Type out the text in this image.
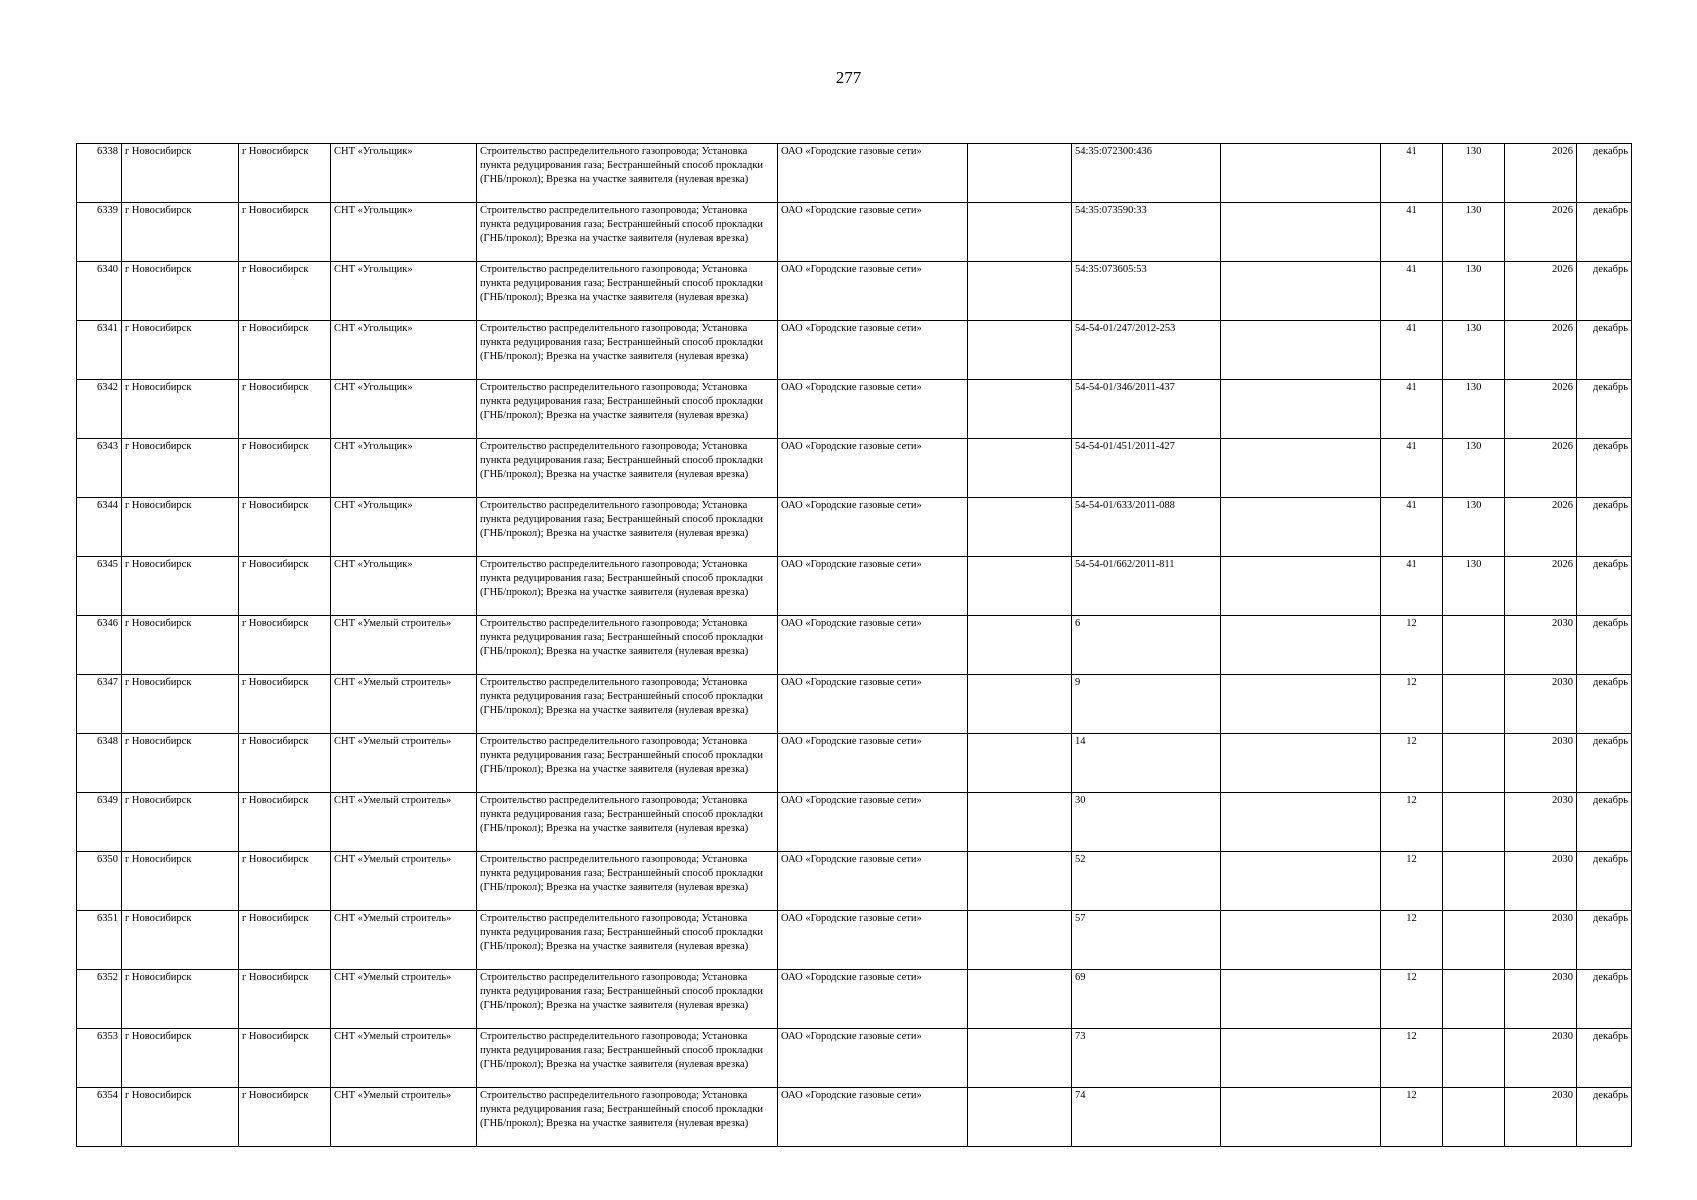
277
6338	г Новосибирск	г Новосибирск	СНТ «Угольщик»	Строительство распределительного газопровода; Установка пункта редуцирования газа; Бестраншейный способ прокладки (ГНБ/прокол); Врезка на участке заявителя (нулевая врезка)	ОАО «Городские газовые сети»		54:35:072300:436		41	130	2026	декабрь
6339	г Новосибирск	г Новосибирск	СНТ «Угольщик»	Строительство распределительного газопровода; Установка пункта редуцирования газа; Бестраншейный способ прокладки (ГНБ/прокол); Врезка на участке заявителя (нулевая врезка)	ОАО «Городские газовые сети»		54:35:073590:33		41	130	2026	декабрь
6340	г Новосибирск	г Новосибирск	СНТ «Угольщик»	Строительство распределительного газопровода; Установка пункта редуцирования газа; Бестраншейный способ прокладки (ГНБ/прокол); Врезка на участке заявителя (нулевая врезка)	ОАО «Городские газовые сети»		54:35:073605:53		41	130	2026	декабрь
6341	г Новосибирск	г Новосибирск	СНТ «Угольщик»	Строительство распределительного газопровода; Установка пункта редуцирования газа; Бестраншейный способ прокладки (ГНБ/прокол); Врезка на участке заявителя (нулевая врезка)	ОАО «Городские газовые сети»		54-54-01/247/2012-253		41	130	2026	декабрь
6342	г Новосибирск	г Новосибирск	СНТ «Угольщик»	Строительство распределительного газопровода; Установка пункта редуцирования газа; Бестраншейный способ прокладки (ГНБ/прокол); Врезка на участке заявителя (нулевая врезка)	ОАО «Городские газовые сети»		54-54-01/346/2011-437		41	130	2026	декабрь
6343	г Новосибирск	г Новосибирск	СНТ «Угольщик»	Строительство распределительного газопровода; Установка пункта редуцирования газа; Бестраншейный способ прокладки (ГНБ/прокол); Врезка на участке заявителя (нулевая врезка)	ОАО «Городские газовые сети»		54-54-01/451/2011-427		41	130	2026	декабрь
6344	г Новосибирск	г Новосибирск	СНТ «Угольщик»	Строительство распределительного газопровода; Установка пункта редуцирования газа; Бестраншейный способ прокладки (ГНБ/прокол); Врезка на участке заявителя (нулевая врезка)	ОАО «Городские газовые сети»		54-54-01/633/2011-088		41	130	2026	декабрь
6345	г Новосибирск	г Новосибирск	СНТ «Угольщик»	Строительство распределительного газопровода; Установка пункта редуцирования газа; Бестраншейный способ прокладки (ГНБ/прокол); Врезка на участке заявителя (нулевая врезка)	ОАО «Городские газовые сети»		54-54-01/662/2011-811		41	130	2026	декабрь
6346	г Новосибирск	г Новосибирск	СНТ «Умелый строитель»	Строительство распределительного газопровода; Установка пункта редуцирования газа; Бестраншейный способ прокладки (ГНБ/прокол); Врезка на участке заявителя (нулевая врезка)	ОАО «Городские газовые сети»		6		12		2030	декабрь
6347	г Новосибирск	г Новосибирск	СНТ «Умелый строитель»	Строительство распределительного газопровода; Установка пункта редуцирования газа; Бестраншейный способ прокладки (ГНБ/прокол); Врезка на участке заявителя (нулевая врезка)	ОАО «Городские газовые сети»		9		12		2030	декабрь
6348	г Новосибирск	г Новосибирск	СНТ «Умелый строитель»	Строительство распределительного газопровода; Установка пункта редуцирования газа; Бестраншейный способ прокладки (ГНБ/прокол); Врезка на участке заявителя (нулевая врезка)	ОАО «Городские газовые сети»		14		12		2030	декабрь
6349	г Новосибирск	г Новосибирск	СНТ «Умелый строитель»	Строительство распределительного газопровода; Установка пункта редуцирования газа; Бестраншейный способ прокладки (ГНБ/прокол); Врезка на участке заявителя (нулевая врезка)	ОАО «Городские газовые сети»		30		12		2030	декабрь
6350	г Новосибирск	г Новосибирск	СНТ «Умелый строитель»	Строительство распределительного газопровода; Установка пункта редуцирования газа; Бестраншейный способ прокладки (ГНБ/прокол); Врезка на участке заявителя (нулевая врезка)	ОАО «Городские газовые сети»		52		12		2030	декабрь
6351	г Новосибирск	г Новосибирск	СНТ «Умелый строитель»	Строительство распределительного газопровода; Установка пункта редуцирования газа; Бестраншейный способ прокладки (ГНБ/прокол); Врезка на участке заявителя (нулевая врезка)	ОАО «Городские газовые сети»		57		12		2030	декабрь
6352	г Новосибирск	г Новосибирск	СНТ «Умелый строитель»	Строительство распределительного газопровода; Установка пункта редуцирования газа; Бестраншейный способ прокладки (ГНБ/прокол); Врезка на участке заявителя (нулевая врезка)	ОАО «Городские газовые сети»		69		12		2030	декабрь
6353	г Новосибирск	г Новосибирск	СНТ «Умелый строитель»	Строительство распределительного газопровода; Установка пункта редуцирования газа; Бестраншейный способ прокладки (ГНБ/прокол); Врезка на участке заявителя (нулевая врезка)	ОАО «Городские газовые сети»		73		12		2030	декабрь
6354	г Новосибирск	г Новосибирск	СНТ «Умелый строитель»	Строительство распределительного газопровода; Установка пункта редуцирования газа; Бестраншейный способ прокладки (ГНБ/прокол); Врезка на участке заявителя (нулевая врезка)	ОАО «Городские газовые сети»		74		12		2030	декабрь
